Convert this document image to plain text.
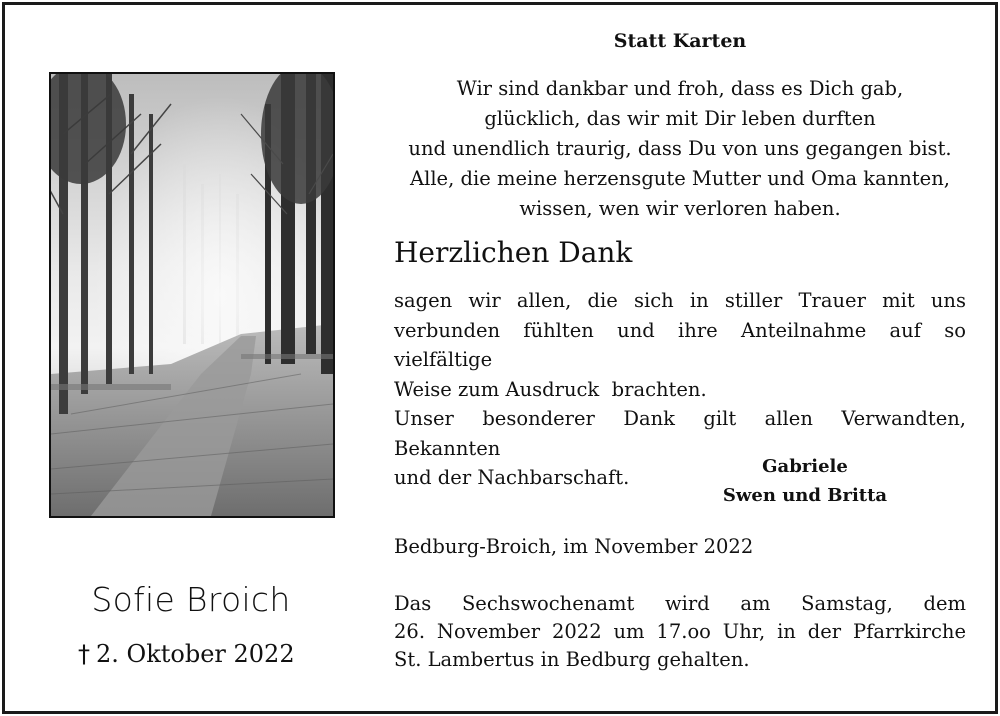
Statt Karten
Wir sind dankbar und froh, dass es Dich gab,
glücklich, das wir mit Dir leben durften
und unendlich traurig, dass Du von uns gegangen bist.
Alle, die meine herzensgute Mutter und Oma kannten,
wissen, wen wir verloren haben.
Herzlichen Dank
sagen wir allen, die sich in stiller Trauer mit uns
verbunden fühlten und ihre Anteilnahme auf so vielfältige
Weise zum Ausdruck  brachten.
Unser besonderer Dank gilt allen Verwandten, Bekannten
und der Nachbarschaft.	Gabriele
Swen und Britta
Bedburg-Broich, im November 2022
Sofie Broich
† 2. Oktober 2022
Das Sechswochenamt wird am Samstag, dem
26. November 2022 um 17.oo Uhr, in der Pfarrkirche
St. Lambertus in Bedburg gehalten.
